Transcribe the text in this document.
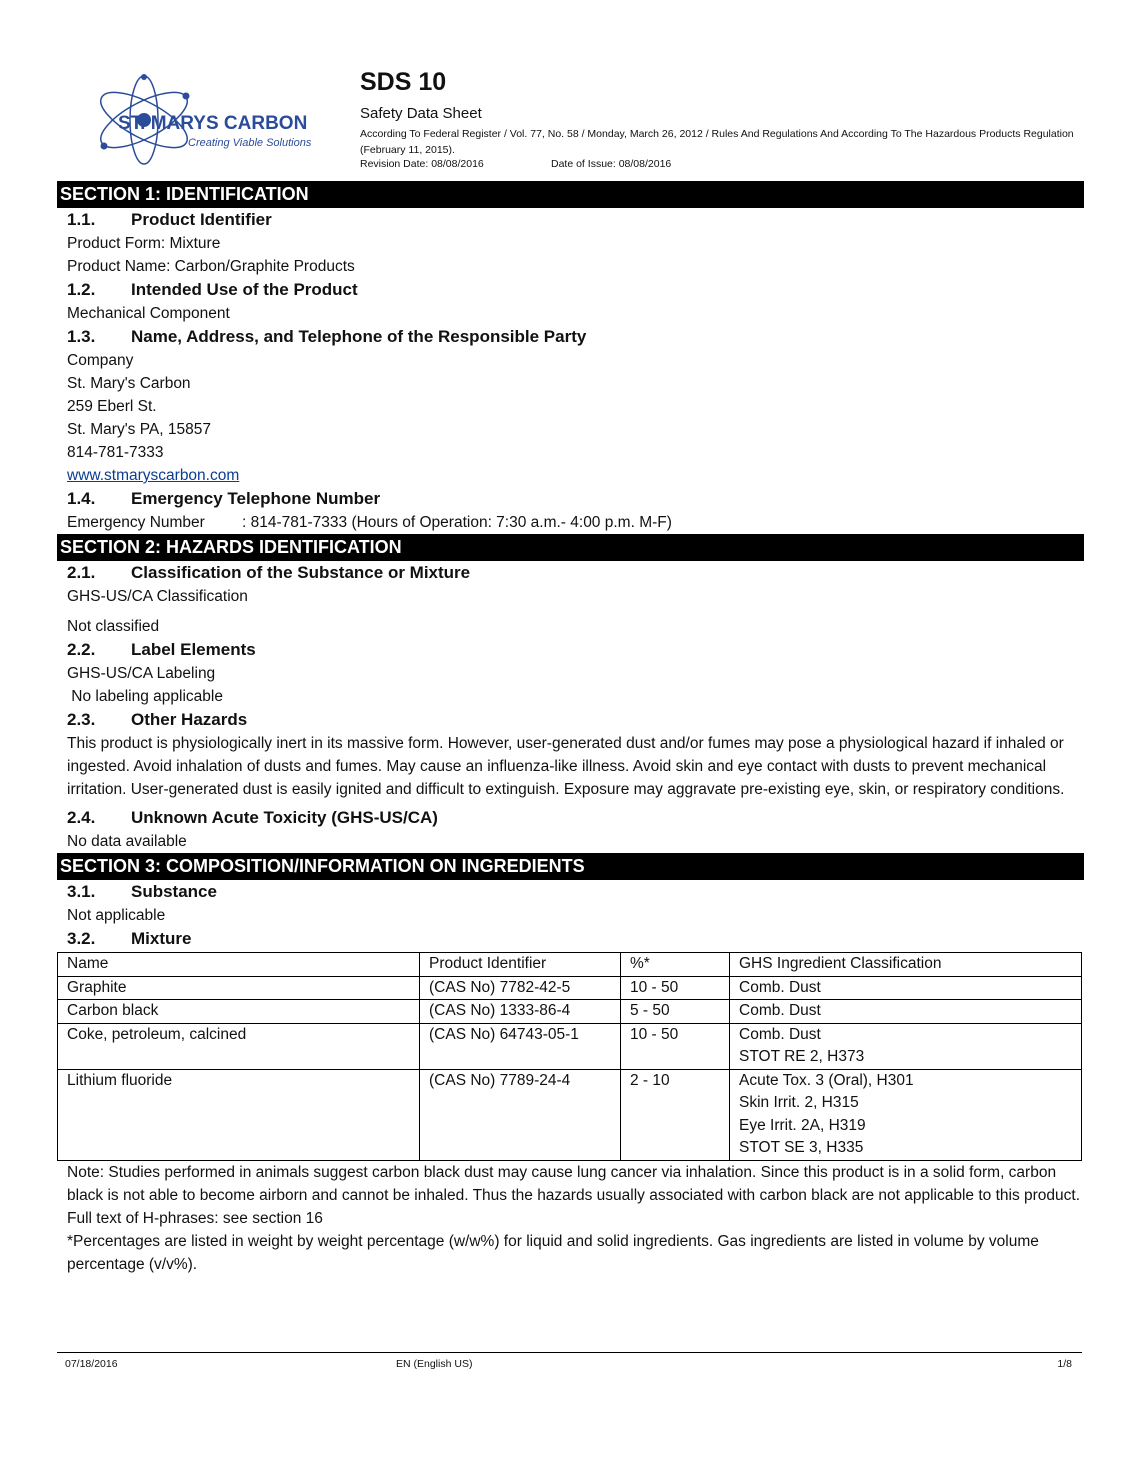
ST. MARYS CARBON
Creating Viable Solutions
SDS 10
Safety Data Sheet
According To Federal Register / Vol. 77, No. 58 / Monday, March 26, 2012 / Rules And Regulations And According To The Hazardous Products Regulation (February 11, 2015).
Revision Date: 08/08/2016	Date of Issue: 08/08/2016
SECTION 1: IDENTIFICATION
1.1. Product Identifier
Product Form: Mixture
Product Name: Carbon/Graphite Products
1.2. Intended Use of the Product
Mechanical Component
1.3. Name, Address, and Telephone of the Responsible Party
Company
St. Mary's Carbon
259 Eberl St.
St. Mary's PA, 15857
814-781-7333
www.stmaryscarbon.com
1.4. Emergency Telephone Number
Emergency Number : 814-781-7333 (Hours of Operation: 7:30 a.m.- 4:00 p.m. M-F)
SECTION 2: HAZARDS IDENTIFICATION
2.1. Classification of the Substance or Mixture
GHS-US/CA Classification
Not classified
2.2. Label Elements
GHS-US/CA Labeling
No labeling applicable
2.3. Other Hazards
This product is physiologically inert in its massive form. However, user-generated dust and/or fumes may pose a physiological hazard if inhaled or ingested. Avoid inhalation of dusts and fumes. May cause an influenza-like illness. Avoid skin and eye contact with dusts to prevent mechanical irritation. User-generated dust is easily ignited and difficult to extinguish. Exposure may aggravate pre-existing eye, skin, or respiratory conditions.
2.4. Unknown Acute Toxicity (GHS-US/CA)
No data available
SECTION 3: COMPOSITION/INFORMATION ON INGREDIENTS
3.1. Substance
Not applicable
3.2. Mixture
Name	Product Identifier	%*	GHS Ingredient Classification
Graphite	(CAS No) 7782-42-5	10 - 50	Comb. Dust

Carbon black	(CAS No) 1333-86-4	5 - 50	Comb. Dust

Coke, petroleum, calcined	(CAS No) 64743-05-1	10 - 50	Comb. Dust
STOT RE 2, H373

Lithium fluoride	(CAS No) 7789-24-4	2 - 10	Acute Tox. 3 (Oral), H301
Skin Irrit. 2, H315
Eye Irrit. 2A, H319
STOT SE 3, H335
Note: Studies performed in animals suggest carbon black dust may cause lung cancer via inhalation. Since this product is in a solid form, carbon black is not able to become airborn and cannot be inhaled. Thus the hazards usually associated with carbon black are not applicable to this product.
Full text of H-phrases: see section 16
*Percentages are listed in weight by weight percentage (w/w%) for liquid and solid ingredients. Gas ingredients are listed in volume by volume percentage (v/v%).
07/18/2016	EN (English US)	1/8
